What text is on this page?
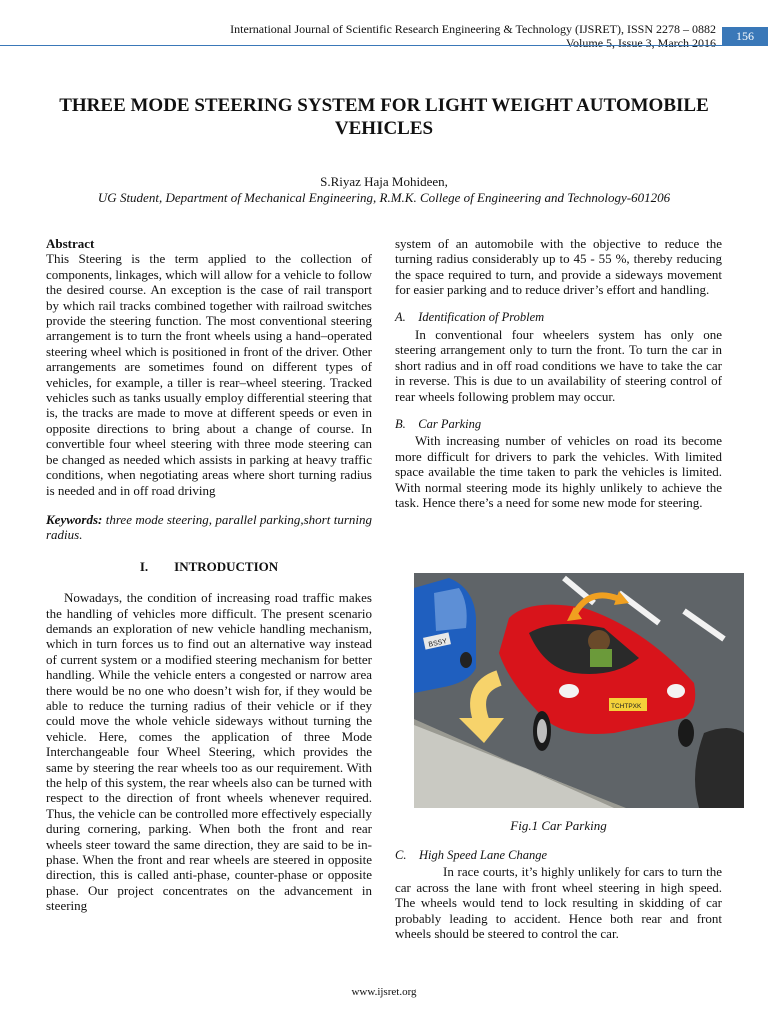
International Journal of Scientific Research Engineering & Technology (IJSRET), ISSN 2278 – 0882
Volume 5, Issue 3, March 2016	156
THREE MODE STEERING SYSTEM FOR LIGHT WEIGHT AUTOMOBILE VEHICLES
S.Riyaz Haja Mohideen,
UG Student, Department of Mechanical Engineering, R.M.K. College of Engineering and Technology-601206
Abstract

This Steering is the term applied to the collection of components, linkages, which will allow for a vehicle to follow the desired course. An exception is the case of rail transport by which rail tracks combined together with railroad switches provide the steering function. The most conventional steering arrangement is to turn the front wheels using a hand–operated steering wheel which is positioned in front of the driver. Other arrangements are sometimes found on different types of vehicles, for example, a tiller is rear–wheel steering. Tracked vehicles such as tanks usually employ differential steering that is, the tracks are made to move at different speeds or even in opposite directions to bring about a change of course. In convertible four wheel steering with three mode steering can be changed as needed which assists in parking at heavy traffic conditions, when negotiating areas where short turning radius is needed and in off road driving

Keywords: three mode steering, parallel parking,short turning radius.

I.  INTRODUCTION

Nowadays, the condition of increasing road traffic makes the handling of vehicles more difficult. The present scenario demands an exploration of new vehicle handling mechanism, which in turn forces us to find out an alternative way instead of current system or a modified steering mechanism for better handling. While the vehicle enters a congested or narrow area there would be no one who doesn’t wish for, if they would be able to reduce the turning radius of their vehicle or if they could move the whole vehicle sideways without turning the vehicle. Here, comes the application of three Mode Interchangeable four Wheel Steering, which provides the same by steering the rear wheels too as our requirement. With the help of this system, the rear wheels also can be turned with respect to the direction of front wheels whenever required. Thus, the vehicle can be controlled more effectively especially during cornering, parking. When both the front and rear wheels steer toward the same direction, they are said to be in-phase. When the front and rear wheels are steered in opposite direction, this is called anti-phase, counter-phase or opposite phase. Our project concentrates on the advancement in steering

system of an automobile with the objective to reduce the turning radius considerably up to 45 - 55 %, thereby reducing the space required to turn, and provide a sideways movement for easier parking and to reduce driver’s effort and handling.

A. Identification of Problem

In conventional four wheelers system has only one steering arrangement only to turn the front. To turn the car in short radius and in off road conditions we have to take the car in reverse. This is due to un availability of steering control of rear wheels following problem may occur.

B. Car Parking

With increasing number of vehicles on road its become more difficult for drivers to park the vehicles. With limited space available the time taken to park the vehicles is limited. With normal steering mode its highly unlikely to achieve the task. Hence there’s a need for some new mode for steering.

BSSY
TCHTPXK
Fig.1 Car Parking
C. High Speed Lane Change

In race courts, it’s highly unlikely for cars to turn the car across the lane with front wheel steering in high speed. The wheels would tend to lock resulting in skidding of car probably leading to accident. Hence both rear and front wheels should be steered to control the car.

www.ijsret.org
